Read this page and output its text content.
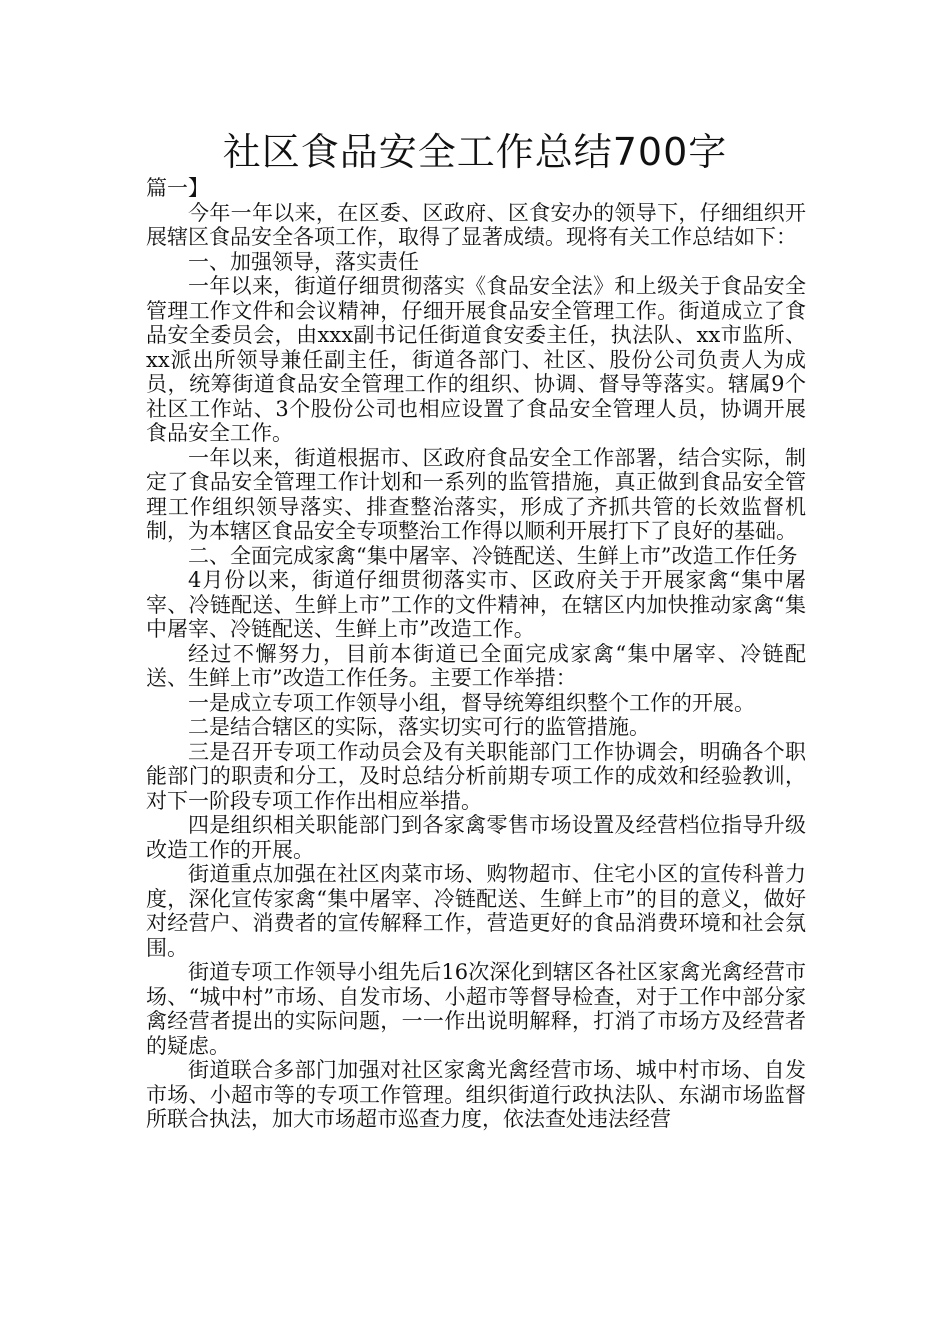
社区食品安全工作总结700字

篇一】

今年一年以来，在区委、区政府、区食安办的领导下，仔细组织开展辖区食品安全各项工作，取得了显著成绩。现将有关工作总结如下：

一、加强领导，落实责任

一年以来，街道仔细贯彻落实《食品安全法》和上级关于食品安全管理工作文件和会议精神，仔细开展食品安全管理工作。街道成立了食品安全委员会，由xxx副书记任街道食安委主任，执法队、xx市监所、xx派出所领导兼任副主任，街道各部门、社区、股份公司负责人为成员，统筹街道食品安全管理工作的组织、协调、督导等落实。辖属9个社区工作站、3个股份公司也相应设置了食品安全管理人员，协调开展食品安全工作。

一年以来，街道根据市、区政府食品安全工作部署，结合实际，制定了食品安全管理工作计划和一系列的监管措施，真正做到食品安全管理工作组织领导落实、排查整治落实，形成了齐抓共管的长效监督机制，为本辖区食品安全专项整治工作得以顺利开展打下了良好的基础。

二、全面完成家禽“集中屠宰、冷链配送、生鲜上市”改造工作任务

4月份以来，街道仔细贯彻落实市、区政府关于开展家禽“集中屠宰、冷链配送、生鲜上市”工作的文件精神，在辖区内加快推动家禽“集中屠宰、冷链配送、生鲜上市”改造工作。

经过不懈努力，目前本街道已全面完成家禽“集中屠宰、冷链配送、生鲜上市”改造工作任务。主要工作举措：

一是成立专项工作领导小组，督导统筹组织整个工作的开展。

二是结合辖区的实际，落实切实可行的监管措施。

三是召开专项工作动员会及有关职能部门工作协调会，明确各个职能部门的职责和分工，及时总结分析前期专项工作的成效和经验教训，对下一阶段专项工作作出相应举措。

四是组织相关职能部门到各家禽零售市场设置及经营档位指导升级改造工作的开展。

街道重点加强在社区肉菜市场、购物超市、住宅小区的宣传科普力度，深化宣传家禽“集中屠宰、冷链配送、生鲜上市”的目的意义，做好对经营户、消费者的宣传解释工作，营造更好的食品消费环境和社会氛围。

街道专项工作领导小组先后16次深化到辖区各社区家禽光禽经营市场、“城中村”市场、自发市场、小超市等督导检查，对于工作中部分家禽经营者提出的实际问题，一一作出说明解释，打消了市场方及经营者的疑虑。

街道联合多部门加强对社区家禽光禽经营市场、城中村市场、自发市场、小超市等的专项工作管理。组织街道行政执法队、东湖市场监督所联合执法，加大市场超市巡查力度，依法查处违法经营
